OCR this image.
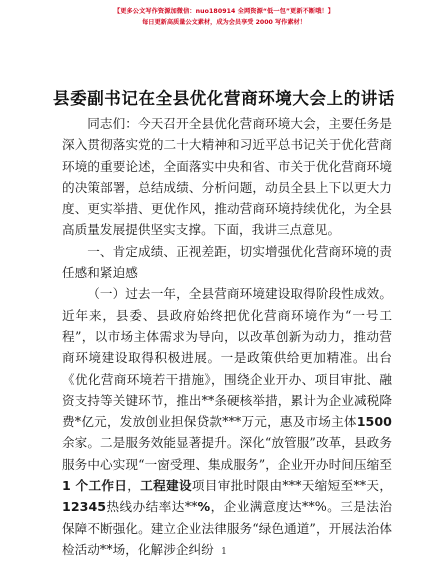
【更多公文写作资源加微信：nuo180914 全网资源“低一包”更新不断哦！】
每日更新高质量公文素材，成为会员享受 2000 写作素材！
县委副书记在全县优化营商环境大会上的讲话

同志们：今天召开全县优化营商环境大会，主要任务是深入贯彻落实党的二十大精神和习近平总书记关于优化营商环境的重要论述，全面落实中央和省、市关于优化营商环境的决策部署，总结成绩、分析问题，动员全县上下以更大力度、更实举措、更优作风，推动营商环境持续优化，为全县高质量发展提供坚实支撑。下面，我讲三点意见。

一、肯定成绩、正视差距，切实增强优化营商环境的责任感和紧迫感

（一）过去一年，全县营商环境建设取得阶段性成效。近年来，县委、县政府始终把优化营商环境作为“一号工程”，以市场主体需求为导向，以改革创新为动力，推动营商环境建设取得积极进展。一是政策供给更加精准。出台《优化营商环境若干措施》，围绕企业开办、项目审批、融资支持等关键环节，推出**条硬核举措，累计为企业减税降费*亿元，发放创业担保贷款***万元，惠及市场主体1500余家。二是服务效能显著提升。深化“放管服”改革，县政务服务中心实现“一窗受理、集成服务”，企业开办时间压缩至1 个工作日，工程建设项目审批时限由***天缩短至**天，12345热线办结率达**%，企业满意度达**%。三是法治保障不断强化。建立企业法律服务“绿色通道”，开展法治体检活动**场，化解涉企纠纷 1
